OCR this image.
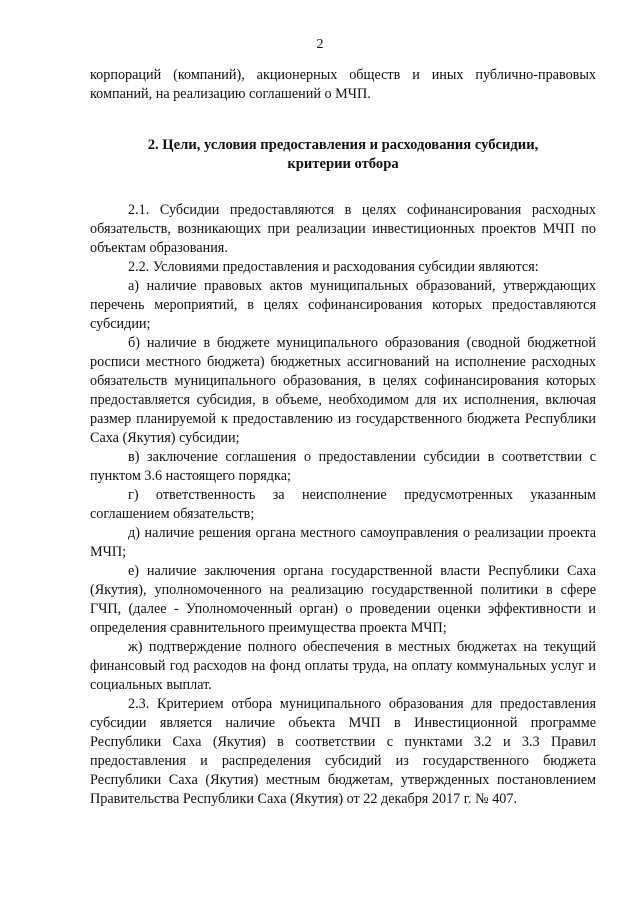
2

корпораций (компаний), акционерных обществ и иных публично-правовых компаний, на реализацию соглашений о МЧП.

2. Цели, условия предоставления и расходования субсидии,
критерии отбора

2.1. Субсидии предоставляются в целях софинансирования расходных обязательств, возникающих при реализации инвестиционных проектов МЧП по объектам образования.

2.2. Условиями предоставления и расходования субсидии являются:

а) наличие правовых актов муниципальных образований, утверждающих перечень мероприятий, в целях софинансирования которых предоставляются субсидии;

б) наличие в бюджете муниципального образования (сводной бюджетной росписи местного бюджета) бюджетных ассигнований на исполнение расходных обязательств муниципального образования, в целях софинансирования которых предоставляется субсидия, в объеме, необходимом для их исполнения, включая размер планируемой к предоставлению из государственного бюджета Республики Саха (Якутия) субсидии;

в) заключение соглашения о предоставлении субсидии в соответствии с пунктом 3.6 настоящего порядка;

г) ответственность за неисполнение предусмотренных указанным соглашением обязательств;

д) наличие решения органа местного самоуправления о реализации проекта МЧП;

е) наличие заключения органа государственной власти Республики Саха (Якутия), уполномоченного на реализацию государственной политики в сфере ГЧП, (далее - Уполномоченный орган) о проведении оценки эффективности и определения сравнительного преимущества проекта МЧП;

ж) подтверждение полного обеспечения в местных бюджетах на текущий финансовый год расходов на фонд оплаты труда, на оплату коммунальных услуг и социальных выплат.

2.3. Критерием отбора муниципального образования для предоставления субсидии является наличие объекта МЧП в Инвестиционной программе Республики Саха (Якутия) в соответствии с пунктами 3.2 и 3.3 Правил предоставления и распределения субсидий из государственного бюджета Республики Саха (Якутия) местным бюджетам, утвержденных постановлением Правительства Республики Саха (Якутия) от 22 декабря 2017 г. № 407.
